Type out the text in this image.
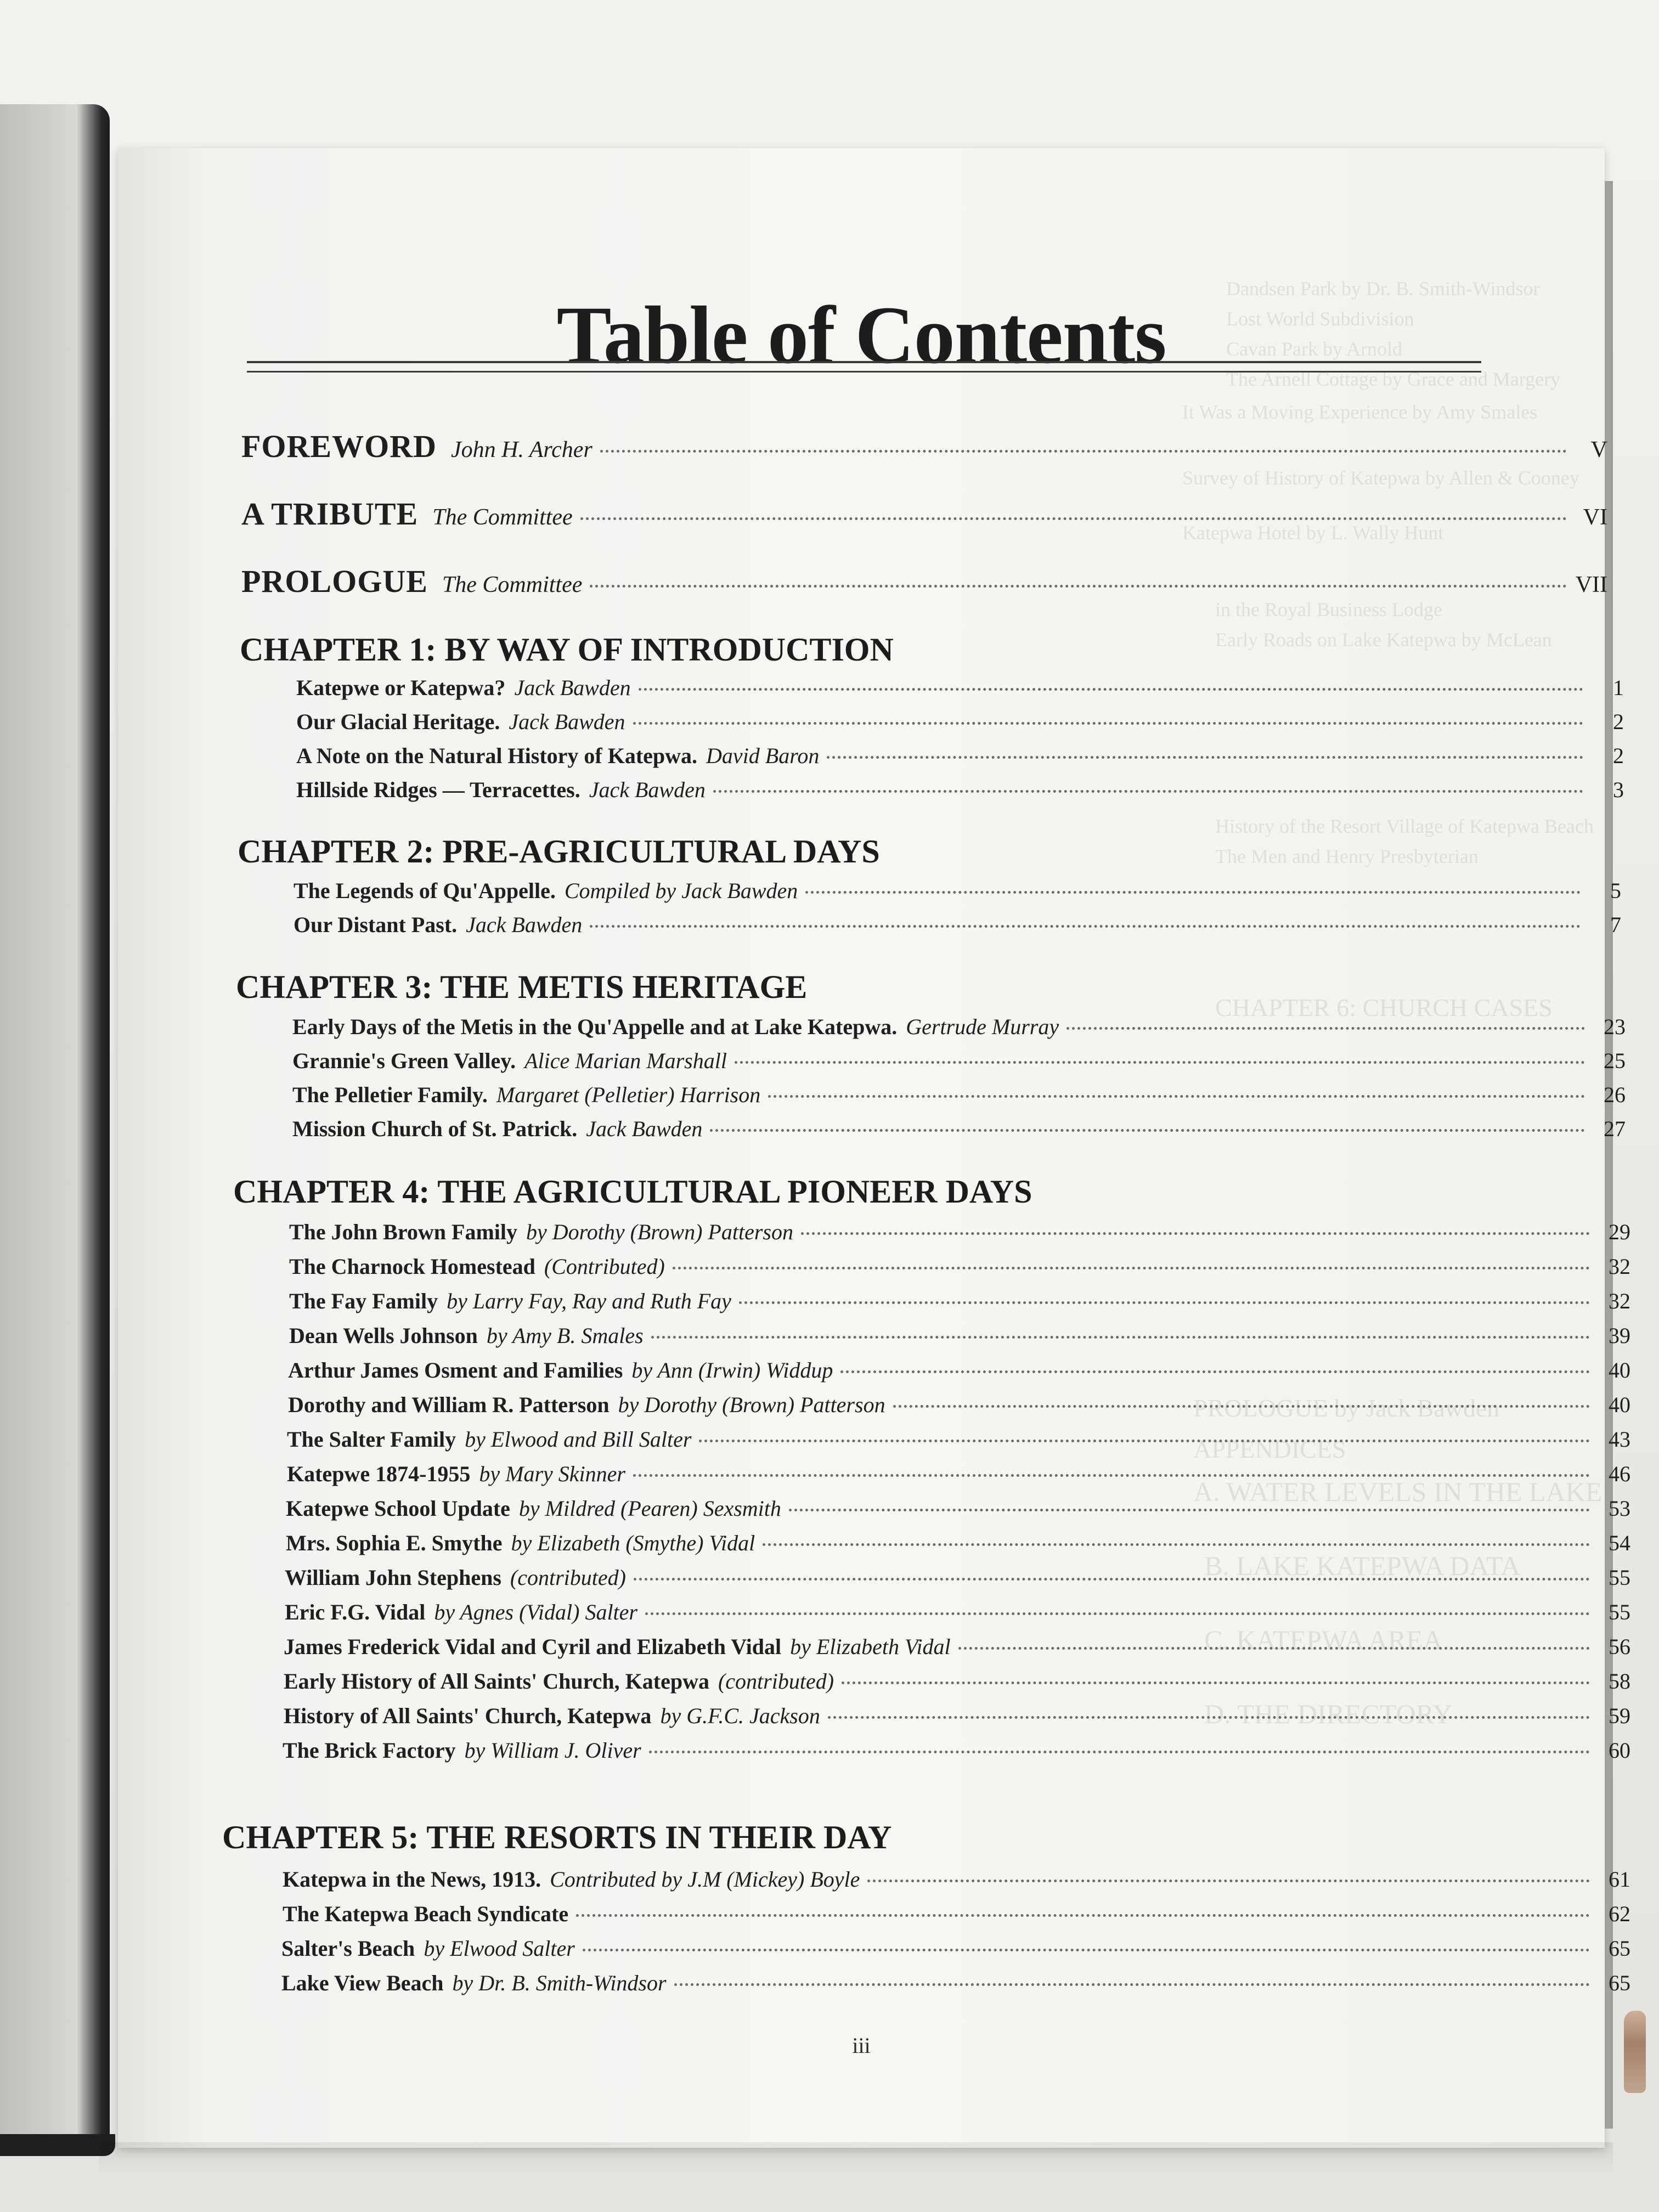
Dandsen Park by Dr. B. Smith-Windsor
Lost World Subdivision
Cavan Park by Arnold
The Arnell Cottage by Grace and Margery
It Was a Moving Experience by Amy Smales
Survey of History of Katepwa by Allen & Cooney
Katepwa Hotel by L. Wally Hunt
in the Royal Business Lodge
Early Roads on Lake Katepwa by McLean
History of the Resort Village of Katepwa Beach
The Men and Henry Presbyterian
CHAPTER 6: CHURCH CASES
PROLOGUE by Jack Bawden
APPENDICES
A. WATER LEVELS IN THE LAKE
B. LAKE KATEPWA DATA
C. KATEPWA AREA
D. THE DIRECTORY
Table of Contents
FOREWORD John H. Archer	V
A TRIBUTE The Committee	VI
PROLOGUE The Committee	VII
CHAPTER 1: BY WAY OF INTRODUCTION
Katepwe or Katepwa? Jack Bawden	1
Our Glacial Heritage. Jack Bawden	2
A Note on the Natural History of Katepwa. David Baron	2
Hillside Ridges — Terracettes. Jack Bawden	3
CHAPTER 2: PRE-AGRICULTURAL DAYS
The Legends of Qu'Appelle. Compiled by Jack Bawden	5
Our Distant Past. Jack Bawden	7
CHAPTER 3: THE METIS HERITAGE
Early Days of the Metis in the Qu'Appelle and at Lake Katepwa. Gertrude Murray	23
Grannie's Green Valley. Alice Marian Marshall	25
The Pelletier Family. Margaret (Pelletier) Harrison	26
Mission Church of St. Patrick. Jack Bawden	27
CHAPTER 4: THE AGRICULTURAL PIONEER DAYS
The John Brown Family by Dorothy (Brown) Patterson	29
The Charnock Homestead (Contributed)	32
The Fay Family by Larry Fay, Ray and Ruth Fay	32
Dean Wells Johnson by Amy B. Smales	39
Arthur James Osment and Families by Ann (Irwin) Widdup	40
Dorothy and William R. Patterson by Dorothy (Brown) Patterson	40
The Salter Family by Elwood and Bill Salter	43
Katepwe 1874-1955 by Mary Skinner	46
Katepwe School Update by Mildred (Pearen) Sexsmith	53
Mrs. Sophia E. Smythe by Elizabeth (Smythe) Vidal	54
William John Stephens (contributed)	55
Eric F.G. Vidal by Agnes (Vidal) Salter	55
James Frederick Vidal and Cyril and Elizabeth Vidal by Elizabeth Vidal	56
Early History of All Saints' Church, Katepwa (contributed)	58
History of All Saints' Church, Katepwa by G.F.C. Jackson	59
The Brick Factory by William J. Oliver	60
CHAPTER 5: THE RESORTS IN THEIR DAY
Katepwa in the News, 1913. Contributed by J.M (Mickey) Boyle	61
The Katepwa Beach Syndicate	62
Salter's Beach by Elwood Salter	65
Lake View Beach by Dr. B. Smith-Windsor	65
iii
